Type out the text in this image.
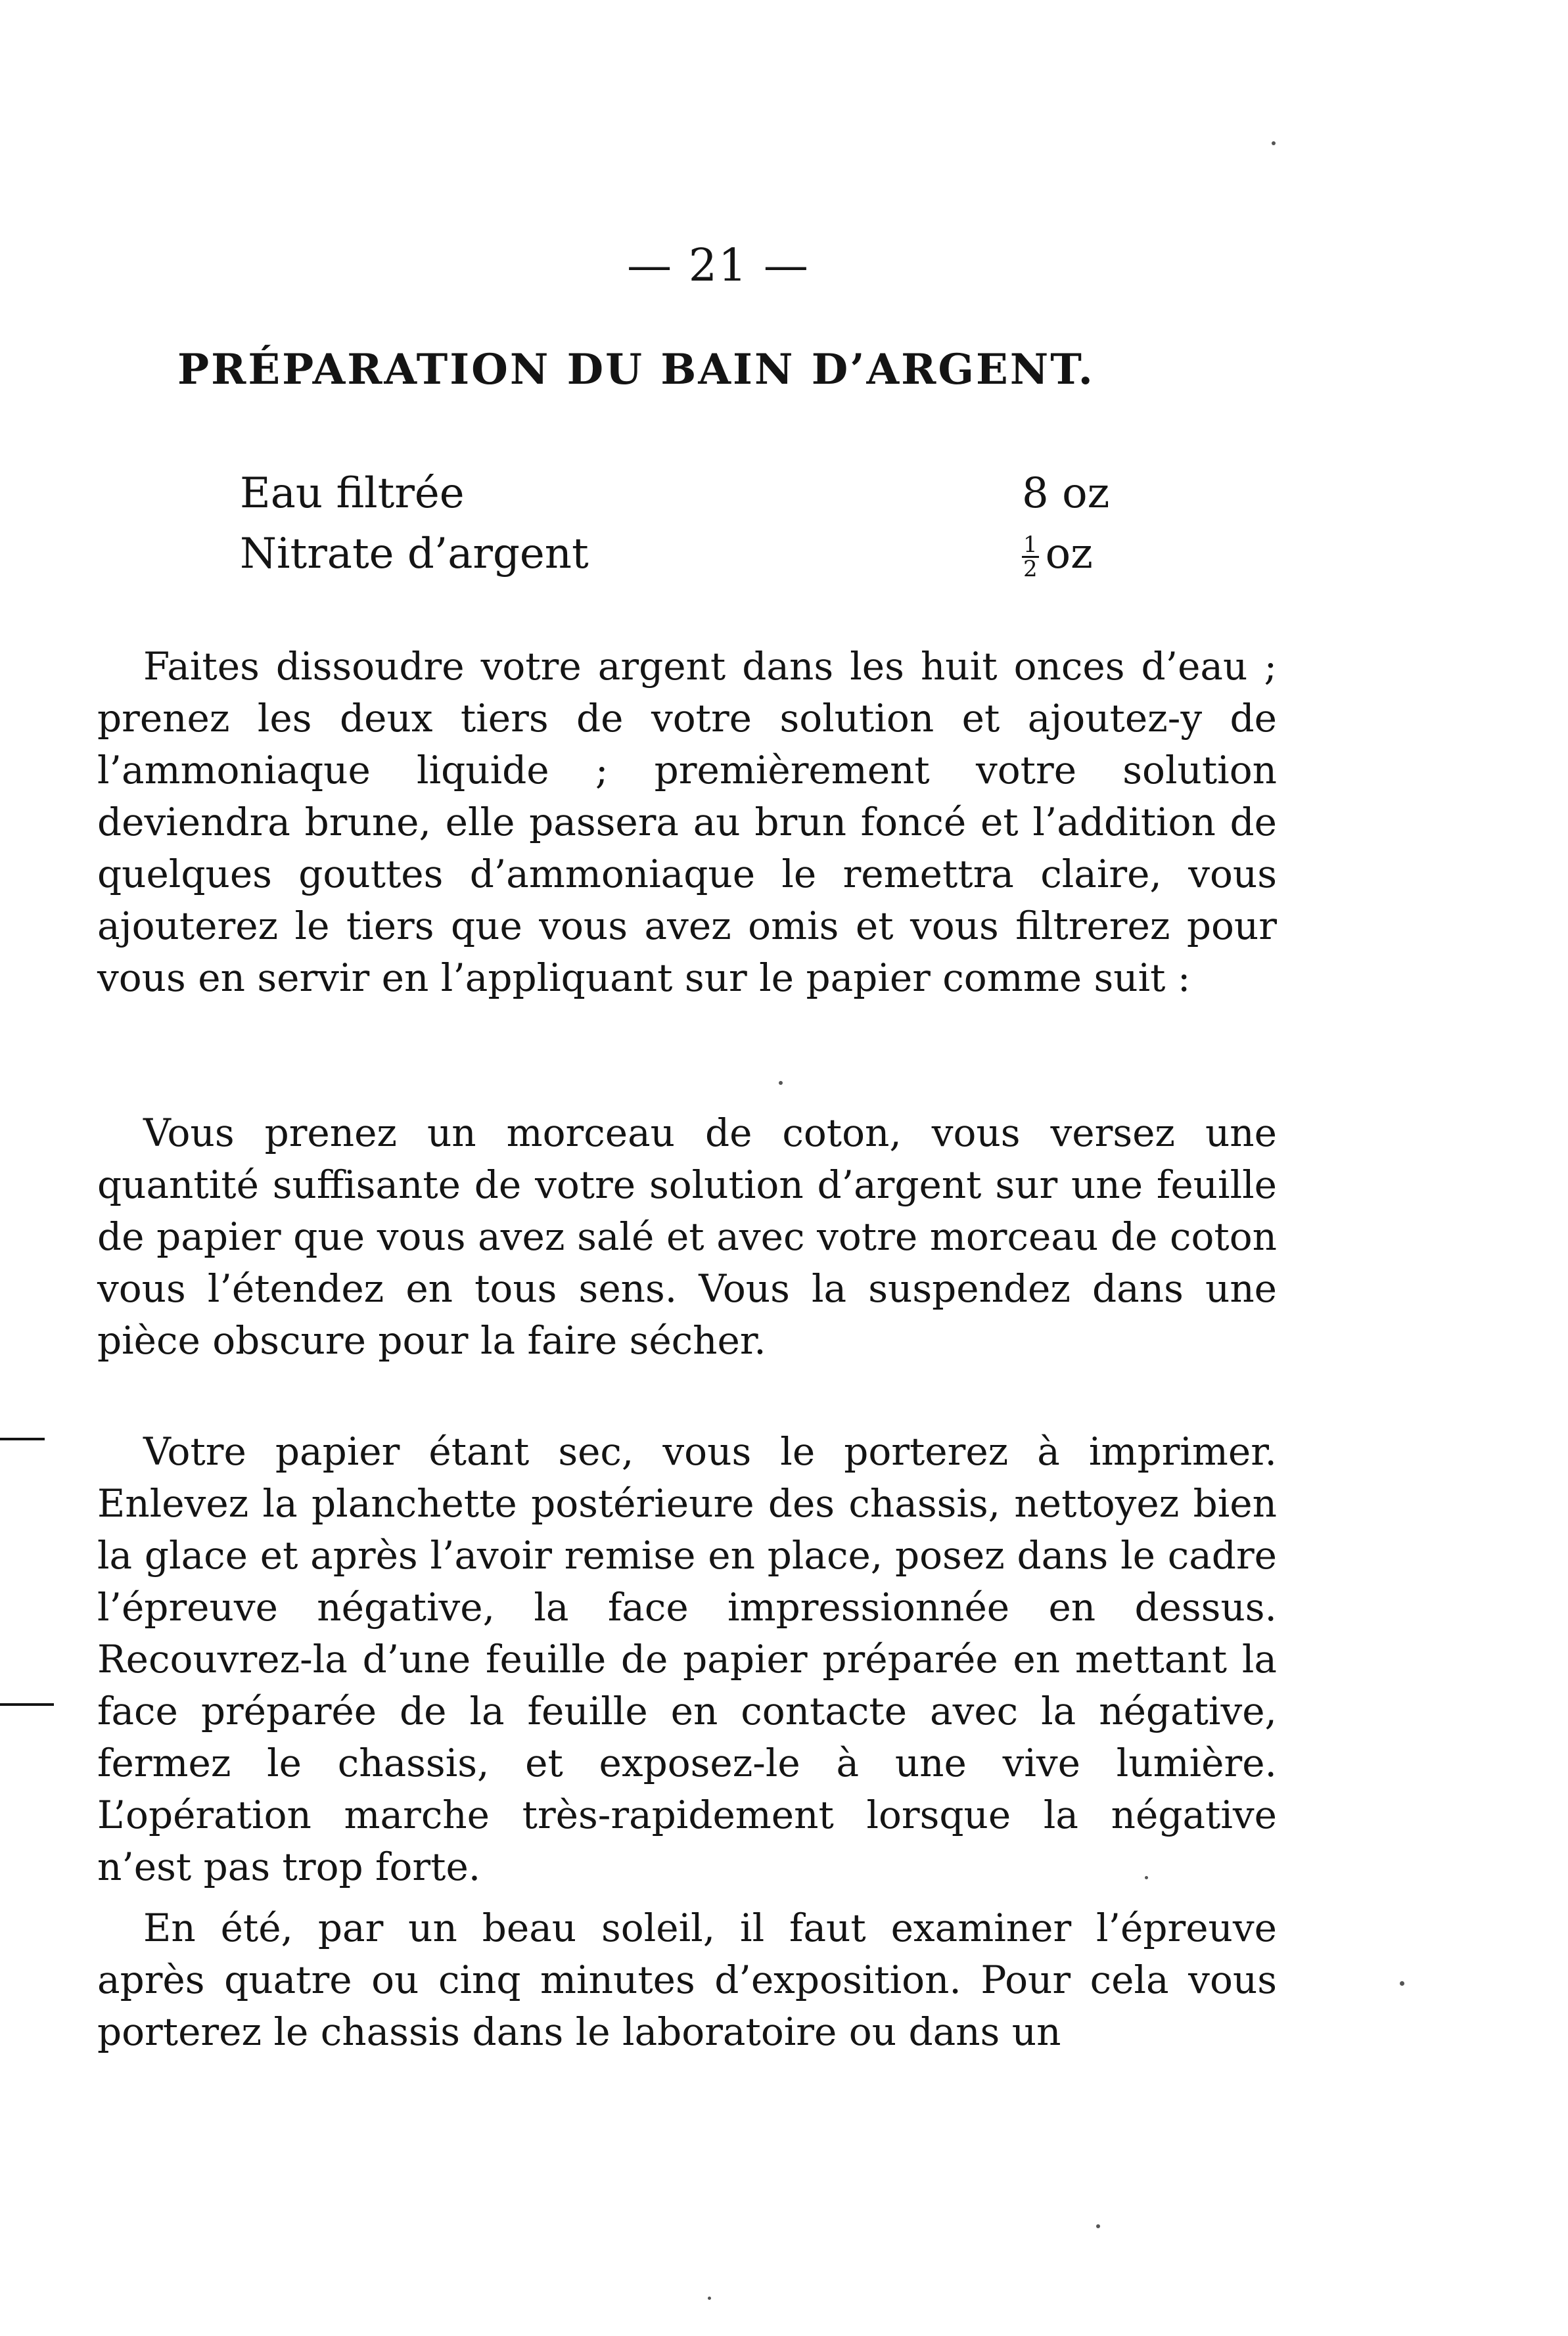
— 21 —
PRÉPARATION DU BAIN D’ARGENT.
Eau filtrée	8 oz
Nitrate d’argent	$\frac{1}{2}$ oz

Faites dissoudre votre argent dans les huit onces d’eau ; prenez les deux tiers de votre solution et ajoutez-y de l’ammoniaque liquide ; premièrement votre solution deviendra brune, elle passera au brun foncé et l’addition de quelques gouttes d’ammoniaque le remettra claire, vous ajouterez le tiers que vous avez omis et vous filtrerez pour vous en servir en l’appliquant sur le papier comme suit :

Vous prenez un morceau de coton, vous versez une quantité suffisante de votre solution d’argent sur une feuille de papier que vous avez salé et avec votre morceau de coton vous l’étendez en tous sens. Vous la suspendez dans une pièce obscure pour la faire sécher.

Votre papier étant sec, vous le porterez à imprimer. Enlevez la planchette postérieure des chassis, nettoyez bien la glace et après l’avoir remise en place, posez dans le cadre l’épreuve négative, la face impressionnée en dessus. Recouvrez-la d’une feuille de papier préparée en mettant la face préparée de la feuille en contacte avec la négative, fermez le chassis, et exposez-le à une vive lumière. L’opération marche très-rapidement lorsque la négative n’est pas trop forte.

En été, par un beau soleil, il faut examiner l’épreuve après quatre ou cinq minutes d’exposition. Pour cela vous porterez le chassis dans le laboratoire ou dans un
